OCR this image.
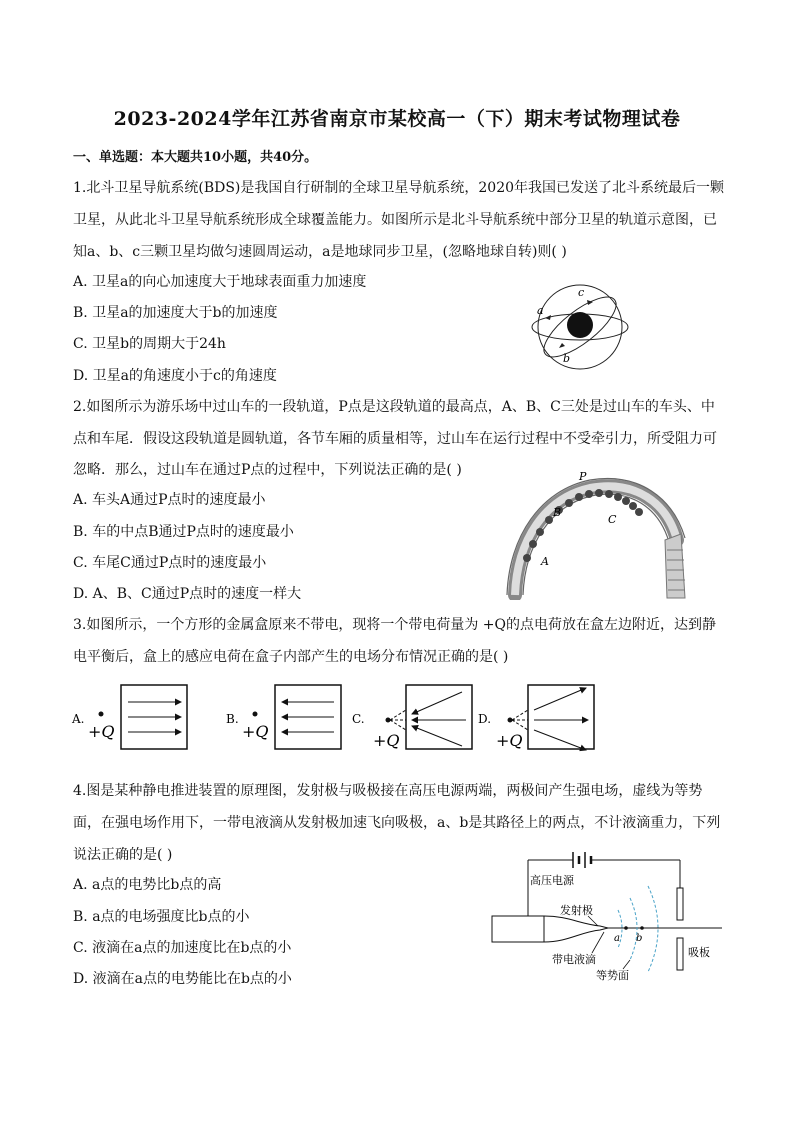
2023-2024学年江苏省南京市某校高一（下）期末考试物理试卷
一、单选题：本大题共10小题，共40分。
1.北斗卫星导航系统(BDS)是我国自行研制的全球卫星导航系统，2020年我国已发送了北斗系统最后一颗
卫星，从此北斗卫星导航系统形成全球覆盖能力。如图所示是北斗导航系统中部分卫星的轨道示意图，已
知a、b、c三颗卫星均做匀速圆周运动，a是地球同步卫星，(忽略地球自转)则( )
A. 卫星a的向心加速度大于地球表面重力加速度
B. 卫星a的加速度大于b的加速度
C. 卫星b的周期大于24h
D. 卫星a的角速度小于c的角速度
a
c
b
2.如图所示为游乐场中过山车的一段轨道，P点是这段轨道的最高点，A、B、C三处是过山车的车头、中
点和车尾．假设这段轨道是圆轨道，各节车厢的质量相等，过山车在运行过程中不受牵引力，所受阻力可
忽略．那么，过山车在通过P点的过程中，下列说法正确的是( )
A. 车头A通过P点时的速度最小
B. 车的中点B通过P点时的速度最小
C. 车尾C通过P点时的速度最小
D. A、B、C通过P点时的速度一样大
P
B
C
A
3.如图所示，一个方形的金属盒原来不带电，现将一个带电荷量为 +Q的点电荷放在盒左边附近，达到静
电平衡后，盒上的感应电荷在盒子内部产生的电场分布情况正确的是( )
A.
+Q
B.
+Q
C.
+Q
D.
+Q
4.图是某种静电推进装置的原理图，发射极与吸极接在高压电源两端，两极间产生强电场，虚线为等势
面，在强电场作用下，一带电液滴从发射极加速飞向吸极，a、b是其路径上的两点，不计液滴重力，下列
说法正确的是( )
A. a点的电势比b点的高
B. a点的电场强度比b点的小
C. 液滴在a点的加速度比在b点的小
D. 液滴在a点的电势能比在b点的小
高压电源
发射极
带电液滴
a b
等势面
吸板
